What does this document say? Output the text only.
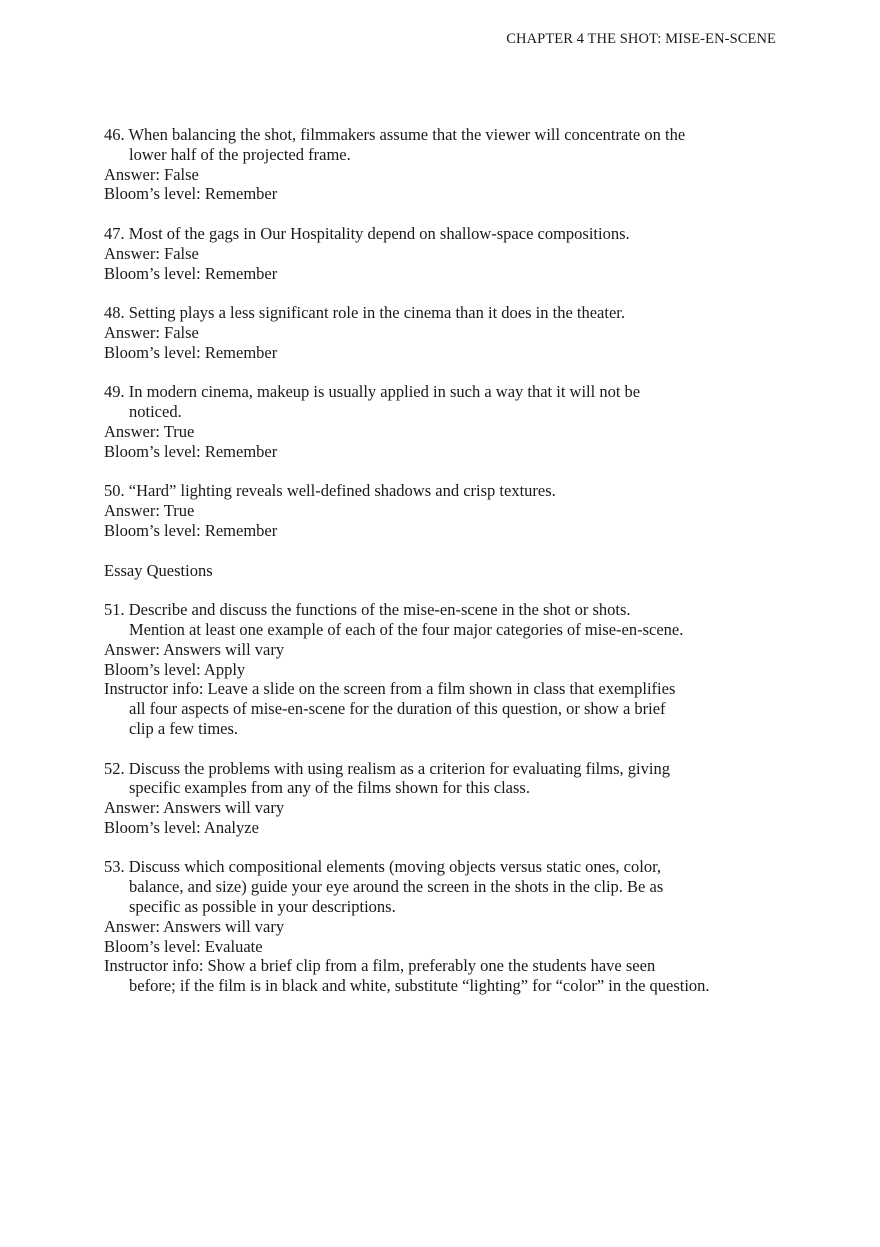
CHAPTER 4 THE SHOT: MISE-EN-SCENE
46. When balancing the shot, filmmakers assume that the viewer will concentrate on the
lower half of the projected frame.
Answer: False
Bloom’s level: Remember
47. Most of the gags in Our Hospitality depend on shallow-space compositions.
Answer: False
Bloom’s level: Remember
48. Setting plays a less significant role in the cinema than it does in the theater.
Answer: False
Bloom’s level: Remember
49. In modern cinema, makeup is usually applied in such a way that it will not be
noticed.
Answer: True
Bloom’s level: Remember
50. “Hard” lighting reveals well-defined shadows and crisp textures.
Answer: True
Bloom’s level: Remember
Essay Questions
51. Describe and discuss the functions of the mise-en-scene in the shot or shots.
Mention at least one example of each of the four major categories of mise-en-scene.
Answer: Answers will vary
Bloom’s level: Apply
Instructor info: Leave a slide on the screen from a film shown in class that exemplifies
all four aspects of mise-en-scene for the duration of this question, or show a brief
clip a few times.
52. Discuss the problems with using realism as a criterion for evaluating films, giving
specific examples from any of the films shown for this class.
Answer: Answers will vary
Bloom’s level: Analyze
53. Discuss which compositional elements (moving objects versus static ones, color,
balance, and size) guide your eye around the screen in the shots in the clip. Be as
specific as possible in your descriptions.
Answer: Answers will vary
Bloom’s level: Evaluate
Instructor info: Show a brief clip from a film, preferably one the students have seen
before; if the film is in black and white, substitute “lighting” for “color” in the question.
